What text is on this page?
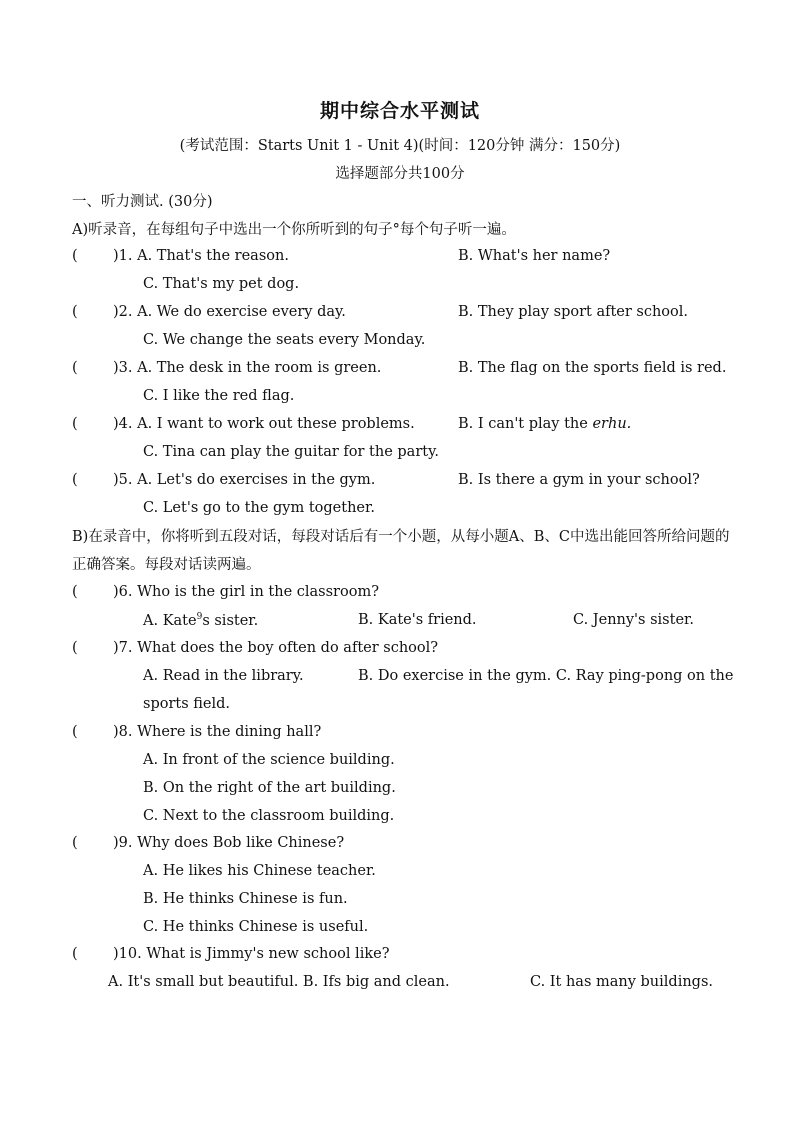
期中综合水平测试
(考试范围：Starts Unit 1 - Unit 4)(时间：120分钟 满分：150分)
选择题部分共100分
一、听力测试. (30分)
A)听录音，在每组句子中选出一个你所听到的句子°每个句子听一遍。
( )1. A. That's the reason.	B. What's her name?
C. That's my pet dog.
( )2. A. We do exercise every day.	B. They play sport after school.
C. We change the seats every Monday.
( )3. A. The desk in the room is green.	B. The flag on the sports field is red.
C. I like the red flag.
( )4. A. I want to work out these problems.	B. I can't play the erhu.
C. Tina can play the guitar for the party.
( )5. A. Let's do exercises in the gym.	B. Is there a gym in your school?
C. Let's go to the gym together.
B)在录音中，你将听到五段对话，每段对话后有一个小题，从每小题A、B、C中选出能回答所给问题的 正确答案。每段对话读两遍。
( )6. Who is the girl in the classroom?
A. Kate$^9$s sister.	B. Kate's friend.	C. Jenny's sister.
( )7. What does the boy often do after school?
A. Read in the library.	B. Do exercise in the gym. C. Ray ping-pong on the
sports field.
( )8. Where is the dining hall?
A. In front of the science building.
B. On the right of the art building.
C. Next to the classroom building.
( )9. Why does Bob like Chinese?
A. He likes his Chinese teacher.
B. He thinks Chinese is fun.
C. He thinks Chinese is useful.
( )10. What is Jimmy's new school like?
A. It's small but beautiful. B. Ifs big and clean.	C. It has many buildings.
